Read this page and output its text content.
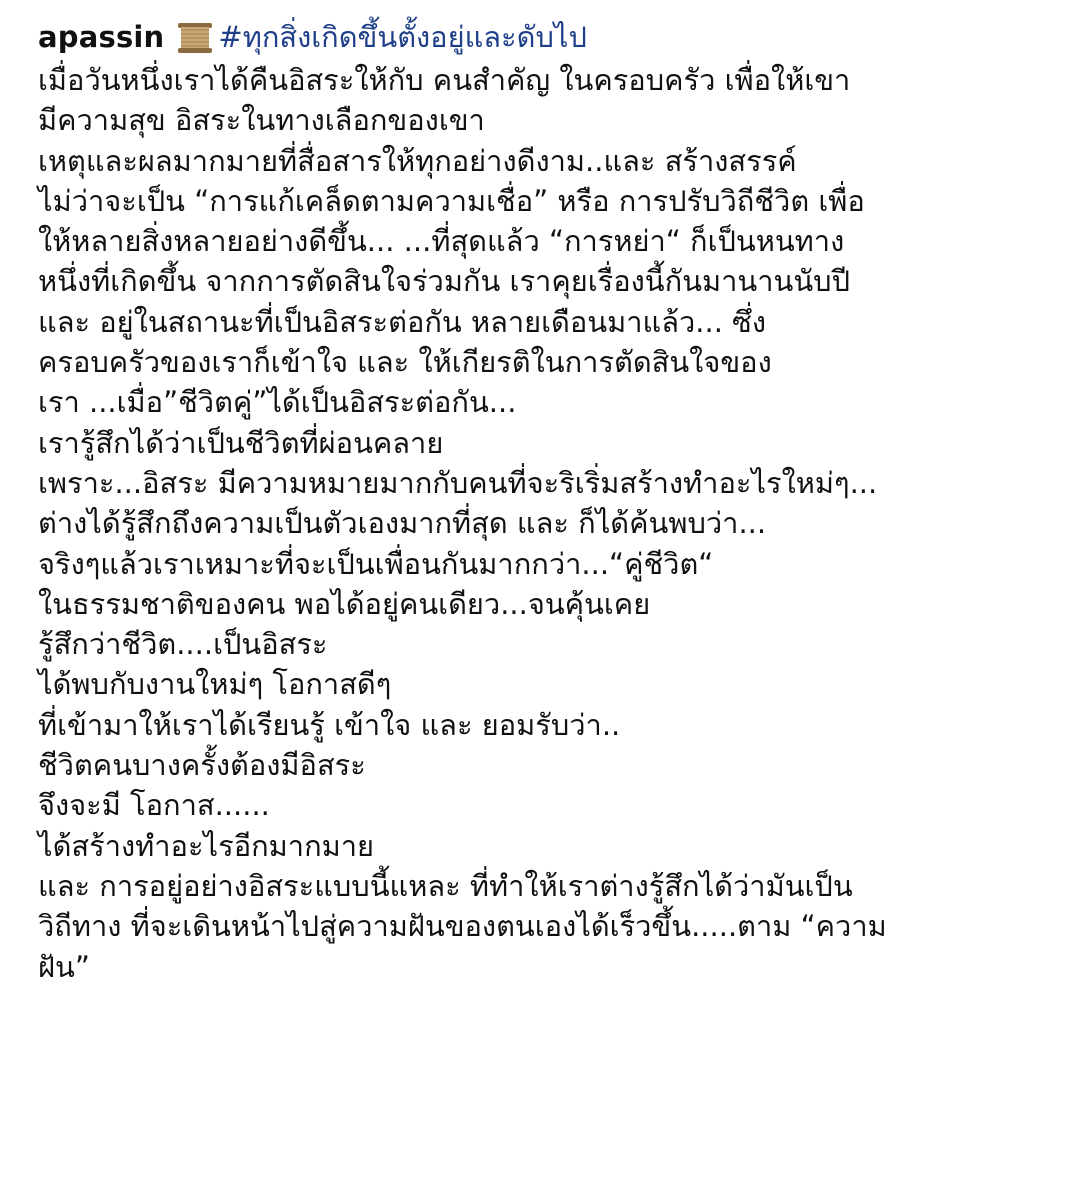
apassin #ทุกสิ่งเกิดขึ้นตั้งอยู่และดับไป
เมื่อวันหนึ่งเราได้คืนอิสระให้กับ คนสำคัญ ในครอบครัว เพื่อให้เขา
มีความสุข อิสระในทางเลือกของเขา
เหตุและผลมากมายที่สื่อสารให้ทุกอย่างดีงาม..และ สร้างสรรค์
ไม่ว่าจะเป็น “การแก้เคล็ดตามความเชื่อ” หรือ การปรับวิถีชีวิต เพื่อ
ให้หลายสิ่งหลายอย่างดีขึ้น... ...ที่สุดแล้ว “การหย่า“ ก็เป็นหนทาง
หนึ่งที่เกิดขึ้น จากการตัดสินใจร่วมกัน เราคุยเรื่องนี้กันมานานนับปี
และ อยู่ในสถานะที่เป็นอิสระต่อกัน หลายเดือนมาแล้ว... ซึ่ง
ครอบครัวของเราก็เข้าใจ และ ให้เกียรติในการตัดสินใจของ
เรา ...เมื่อ”ชีวิตคู่”ได้เป็นอิสระต่อกัน...
เรารู้สึกได้ว่าเป็นชีวิตที่ผ่อนคลาย
เพราะ...อิสระ มีความหมายมากกับคนที่จะริเริ่มสร้างทำอะไรใหม่ๆ...
ต่างได้รู้สึกถึงความเป็นตัวเองมากที่สุด และ ก็ได้ค้นพบว่า...
จริงๆแล้วเราเหมาะที่จะเป็นเพื่อนกันมากกว่า...“คู่ชีวิต“
ในธรรมชาติของคน พอได้อยู่คนเดียว...จนคุ้นเคย
รู้สึกว่าชีวิต....เป็นอิสระ
ได้พบกับงานใหม่ๆ โอกาสดีๆ
ที่เข้ามาให้เราได้เรียนรู้ เข้าใจ และ ยอมรับว่า..
ชีวิตคนบางครั้งต้องมีอิสระ
จึงจะมี โอกาส......
ได้สร้างทำอะไรอีกมากมาย
และ การอยู่อย่างอิสระแบบนี้แหละ ที่ทำให้เราต่างรู้สึกได้ว่ามันเป็น
วิถีทาง ที่จะเดินหน้าไปสู่ความฝันของตนเองได้เร็วขึ้น.....ตาม “ความ
ฝัน”
